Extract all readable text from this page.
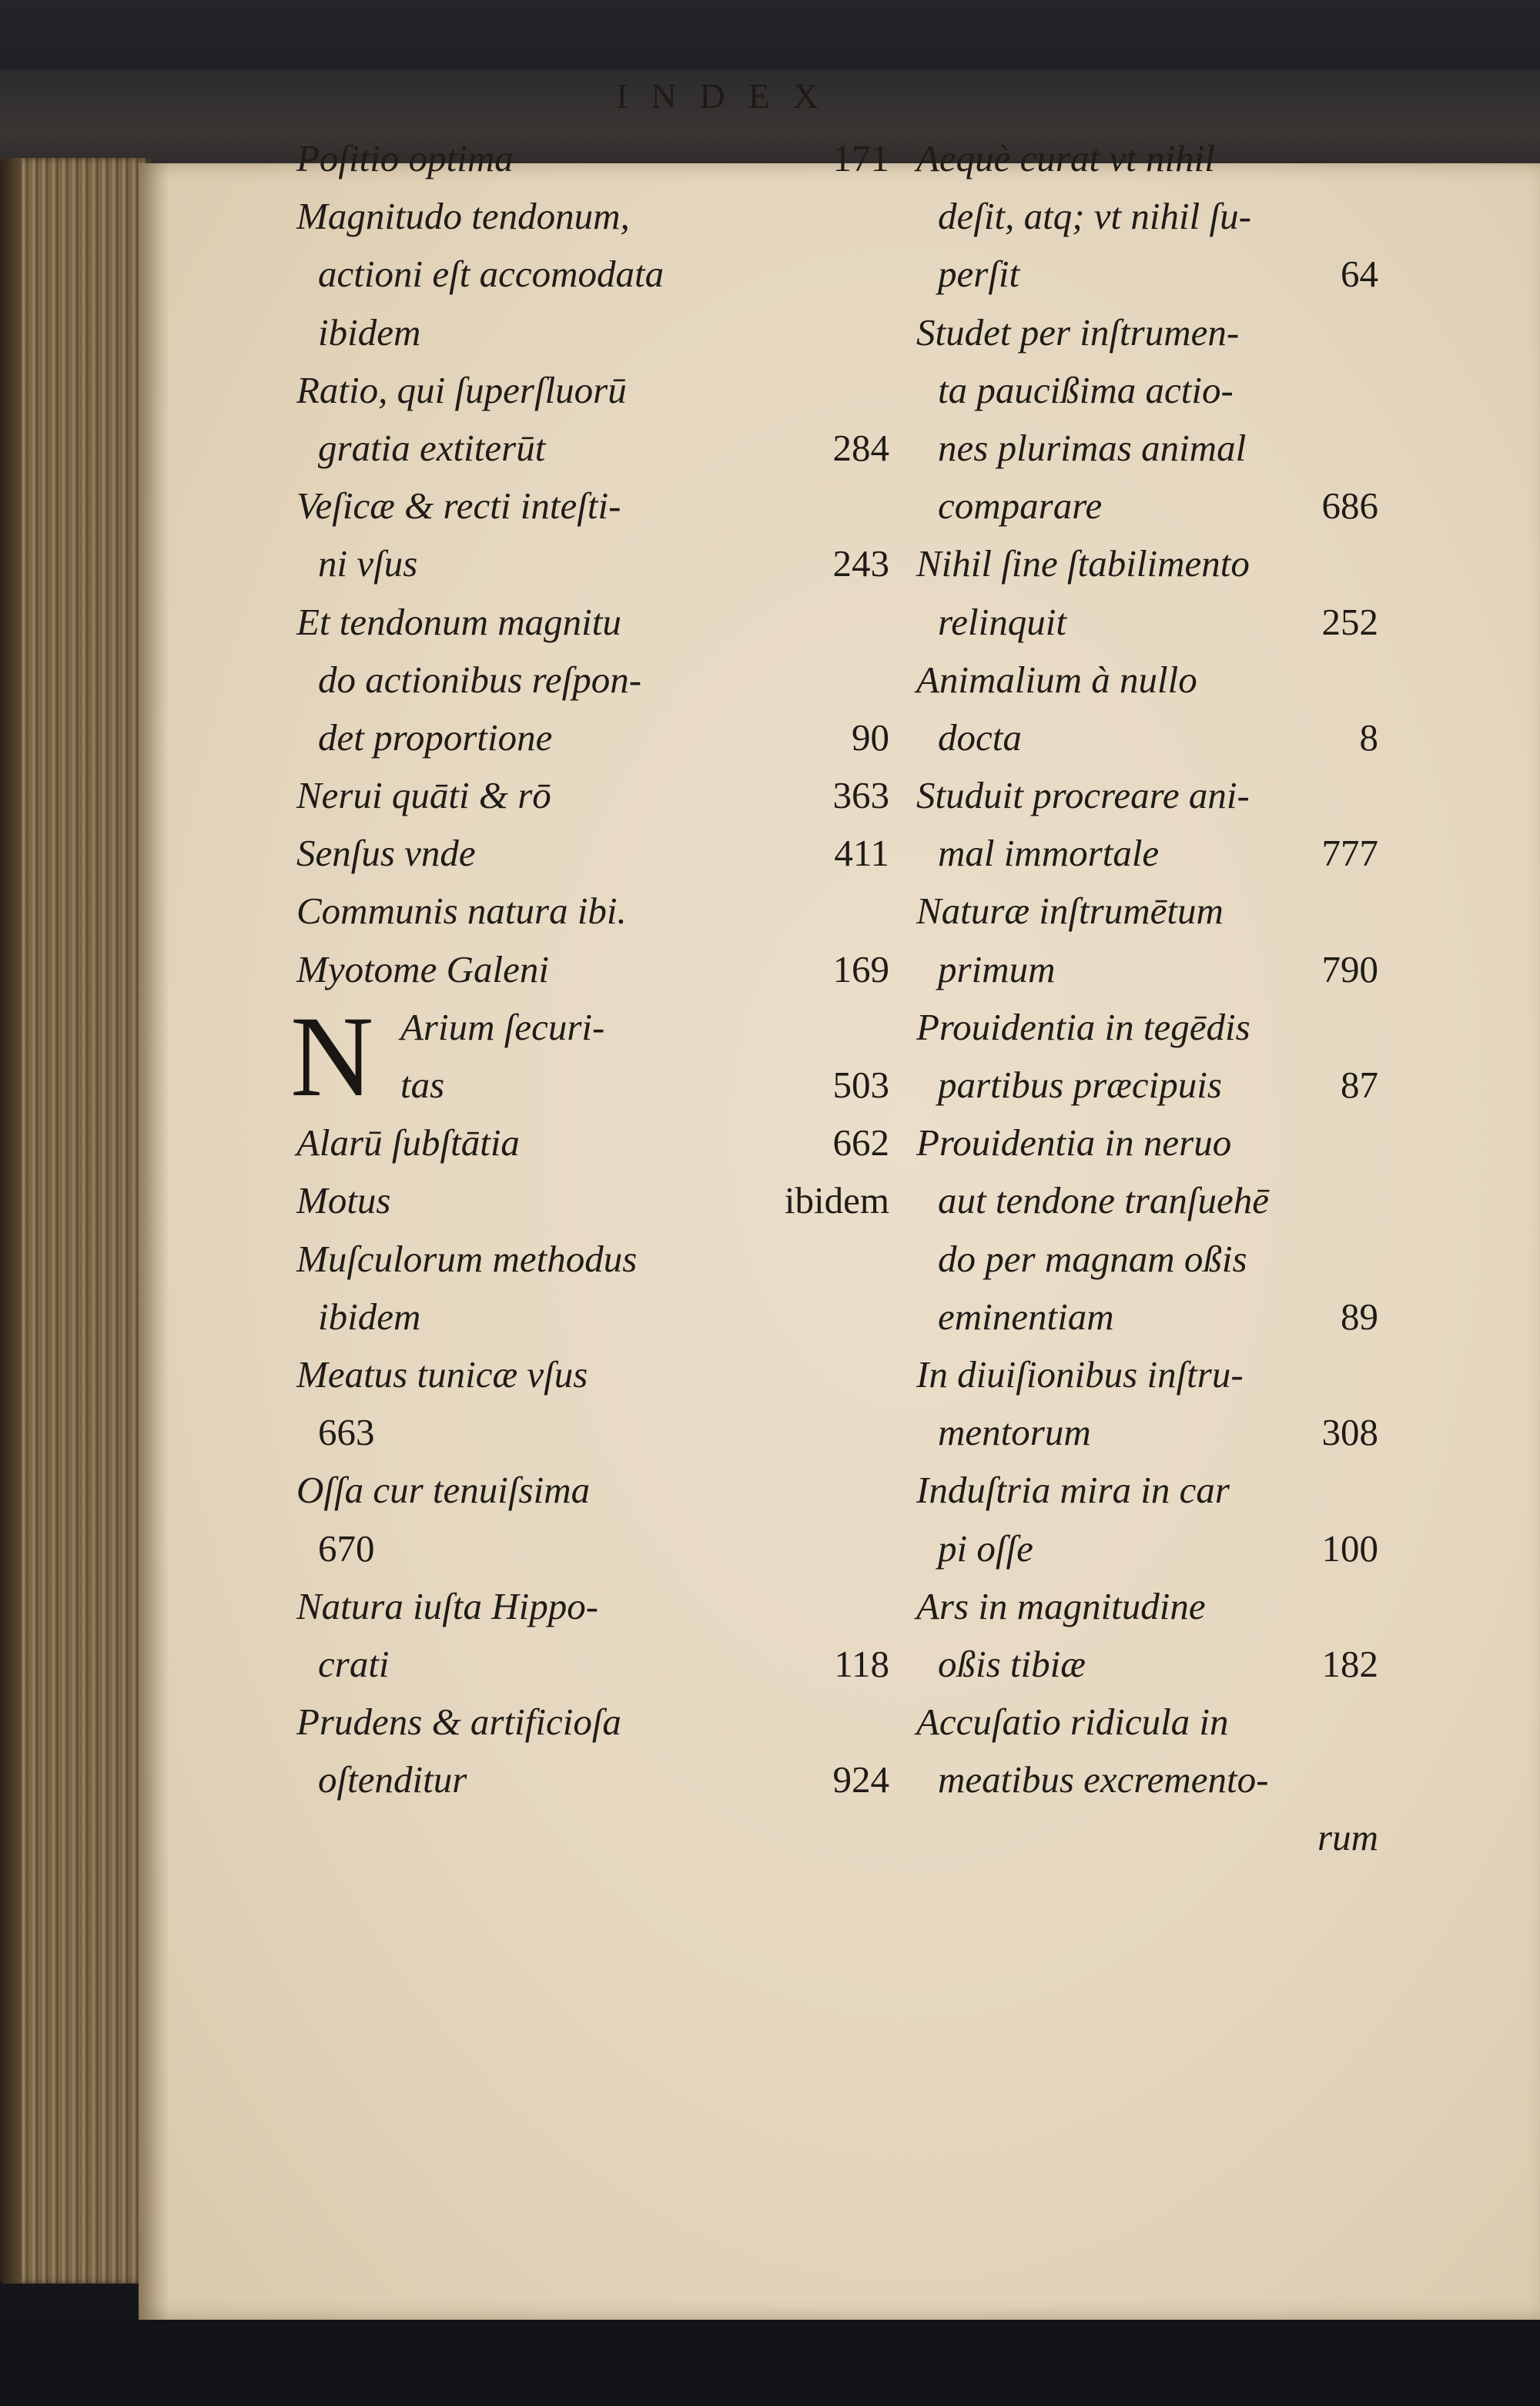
INDEX
Poſitio optima	171
Magnitudo tendonum,
actioni eſt accomodata
ibidem
Ratio, qui ſuperſluorū
gratia extiterūt	284
Veſicæ & recti inteſti-
ni vſus	243
Et tendonum magnitu
do actionibus reſpon-
det proportione	90
Nerui quāti & rō	363
Senſus vnde	411
Communis natura ibi.
Myotome Galeni	169
N Arium ſecuri-
tas	503
Alarū ſubſtātia	662
Motus	ibidem
Muſculorum methodus
ibidem
Meatus tunicæ vſus
663
Oſſa cur tenuiſsima
670
Natura iuſta Hippo-
crati	118
Prudens & artificioſa
oſtenditur	924
Aequè curat vt nihil
deſit, atq; vt nihil ſu-
perſit	64
Studet per inſtrumen-
ta paucißima actio-
nes plurimas animal
comparare	686
Nihil ſine ſtabilimento
relinquit	252
Animalium à nullo
docta	8
Studuit procreare ani-
mal immortale	777
Naturæ inſtrumētum
primum	790
Prouidentia in tegēdis
partibus præcipuis	87
Prouidentia in neruo
aut tendone tranſuehē
do per magnam oßis
eminentiam	89
In diuiſionibus inſtru-
mentorum	308
Induſtria mira in car
pi oſſe	100
Ars in magnitudine
oßis tibiæ	182
Accuſatio ridicula in
meatibus excremento-
rum
